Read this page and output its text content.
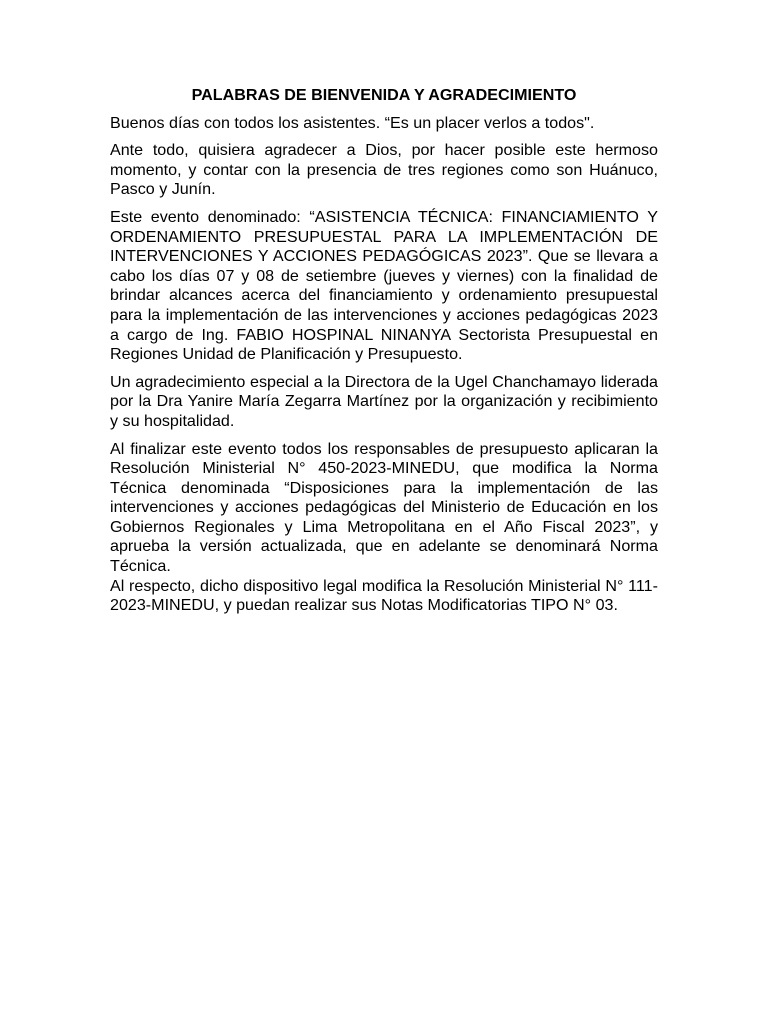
PALABRAS DE BIENVENIDA Y AGRADECIMIENTO

Buenos días con todos los asistentes. “Es un placer verlos a todos".

Ante todo, quisiera agradecer a Dios, por hacer posible este hermoso momento, y contar con la presencia de tres regiones como son Huánuco, Pasco y Junín.

Este evento denominado: “ASISTENCIA TÉCNICA: FINANCIAMIENTO Y ORDENAMIENTO PRESUPUESTAL PARA LA IMPLEMENTACIÓN DE INTERVENCIONES Y ACCIONES PEDAGÓGICAS 2023”. Que se llevara a cabo los días 07 y 08 de setiembre (jueves y viernes) con la finalidad de brindar alcances acerca del financiamiento y ordenamiento presupuestal para la implementación de las intervenciones y acciones pedagógicas 2023 a cargo de Ing. FABIO HOSPINAL NINANYA Sectorista Presupuestal en Regiones Unidad de Planificación y Presupuesto.

Un agradecimiento especial a la Directora de la Ugel Chanchamayo liderada por la Dra Yanire María Zegarra Martínez por la organización y recibimiento y su hospitalidad.

Al finalizar este evento todos los responsables de presupuesto aplicaran la Resolución Ministerial N° 450-2023-MINEDU, que modifica la Norma Técnica denominada “Disposiciones para la implementación de las intervenciones y acciones pedagógicas del Ministerio de Educación en los Gobiernos Regionales y Lima Metropolitana en el Año Fiscal 2023”, y aprueba la versión actualizada, que en adelante se denominará Norma Técnica.

Al respecto, dicho dispositivo legal modifica la Resolución Ministerial N° 111-2023-MINEDU, y puedan realizar sus Notas Modificatorias TIPO N° 03.
